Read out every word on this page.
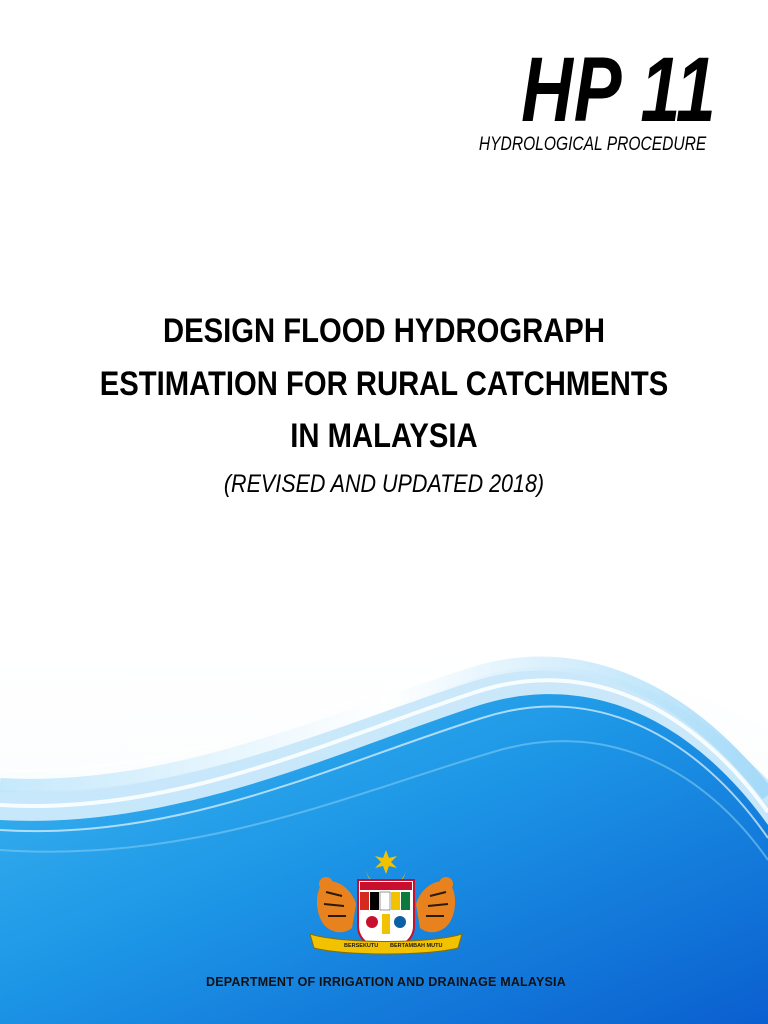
HP 11
HYDROLOGICAL PROCEDURE
DESIGN FLOOD HYDROGRAPH
ESTIMATION FOR RURAL CATCHMENTS
IN MALAYSIA
(REVISED AND UPDATED 2018)
BERSEKUTU BERTAMBAH MUTU
DEPARTMENT OF IRRIGATION AND DRAINAGE MALAYSIA
